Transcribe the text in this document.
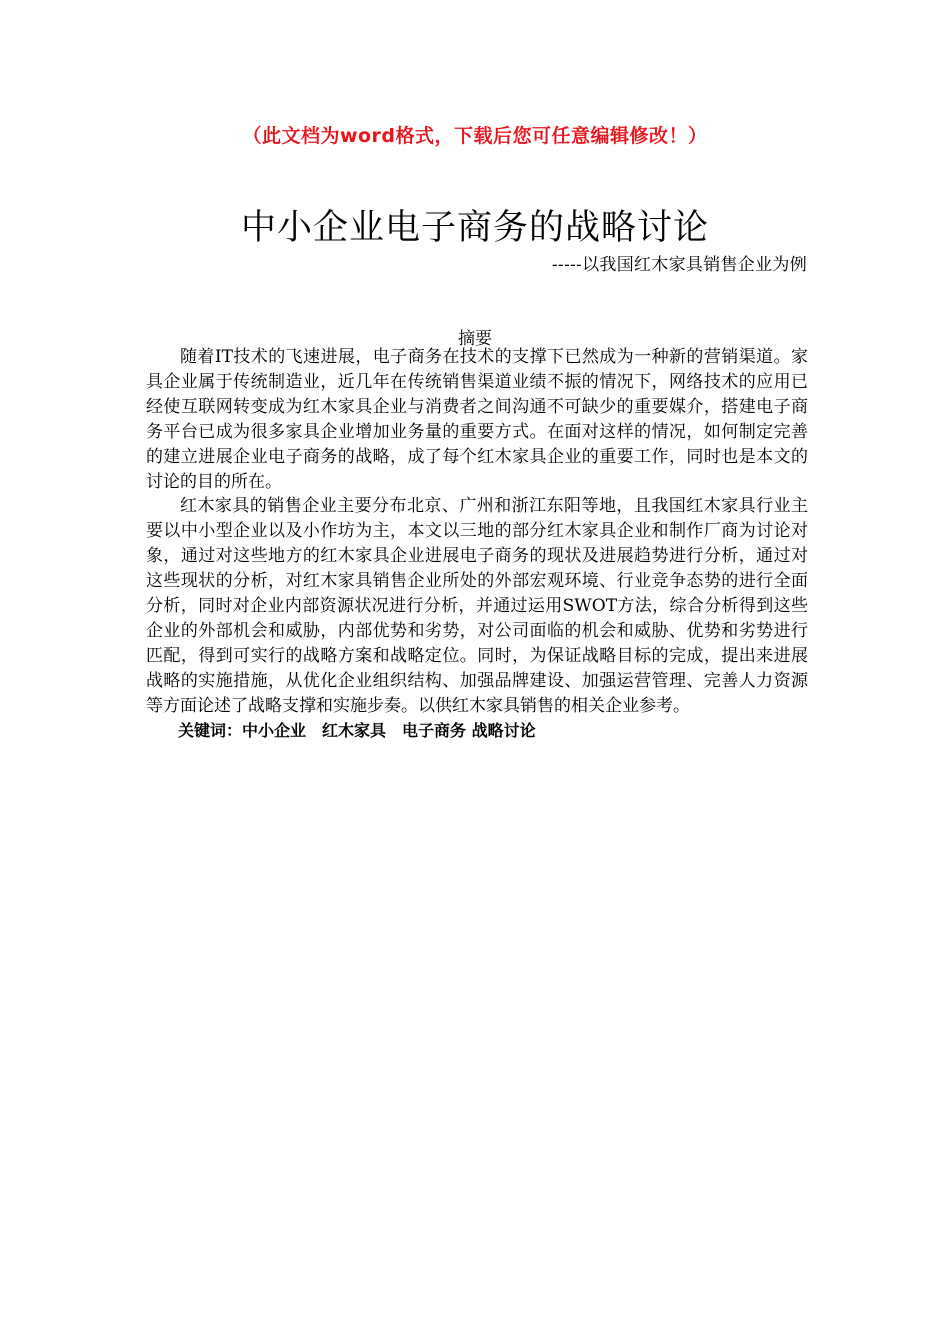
（此文档为word格式，下载后您可任意编辑修改！）
中小企业电子商务的战略讨论
-----以我国红木家具销售企业为例
摘要

随着IT技术的飞速进展，电子商务在技术的支撑下已然成为一种新的营销渠道。家具企业属于传统制造业，近几年在传统销售渠道业绩不振的情况下，网络技术的应用已经使互联网转变成为红木家具企业与消费者之间沟通不可缺少的重要媒介，搭建电子商务平台已成为很多家具企业增加业务量的重要方式。在面对这样的情况，如何制定完善的建立进展企业电子商务的战略，成了每个红木家具企业的重要工作，同时也是本文的讨论的目的所在。

红木家具的销售企业主要分布北京、广州和浙江东阳等地，且我国红木家具行业主要以中小型企业以及小作坊为主，本文以三地的部分红木家具企业和制作厂商为讨论对象，通过对这些地方的红木家具企业进展电子商务的现状及进展趋势进行分析，通过对这些现状的分析，对红木家具销售企业所处的外部宏观环境、行业竞争态势的进行全面分析，同时对企业内部资源状况进行分析，并通过运用SWOT方法，综合分析得到这些企业的外部机会和威胁，内部优势和劣势，对公司面临的机会和威胁、优势和劣势进行匹配，得到可实行的战略方案和战略定位。同时，为保证战略目标的完成，提出来进展战略的实施措施，从优化企业组织结构、加强品牌建设、加强运营管理、完善人力资源等方面论述了战略支撑和实施步奏。以供红木家具销售的相关企业参考。

关键词：中小企业　红木家具　电子商务 战略讨论
